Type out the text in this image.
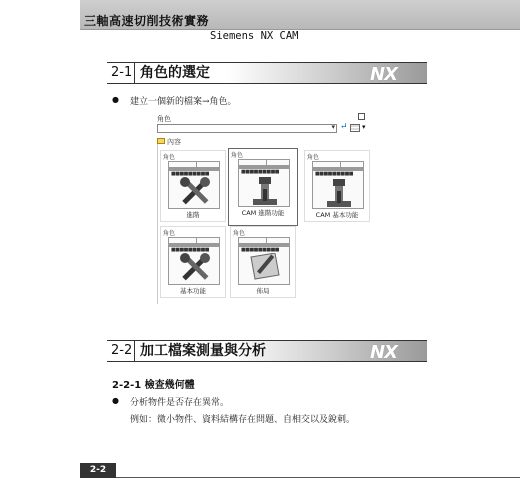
三軸高速切削技術實務
Siemens NX CAM
2-1 角色的選定	NX
● 建立一個新的檔案→角色。
角色
▾ ↵ ▾
內容
角色
■■■■■■■■■
進階
角色
■■■■■■■■■
CAM 進階功能
角色
■■■■■■■■■
CAM 基本功能
角色
■■■■■■■■■
基本功能
角色
■■■■■■■■■
佈局
2-2 加工檔案測量與分析	NX
2-2-1 檢查幾何體
● 分析物件是否存在異常。
例如：微小物件、資料結構存在問題、自相交以及銳刺。
2-2
